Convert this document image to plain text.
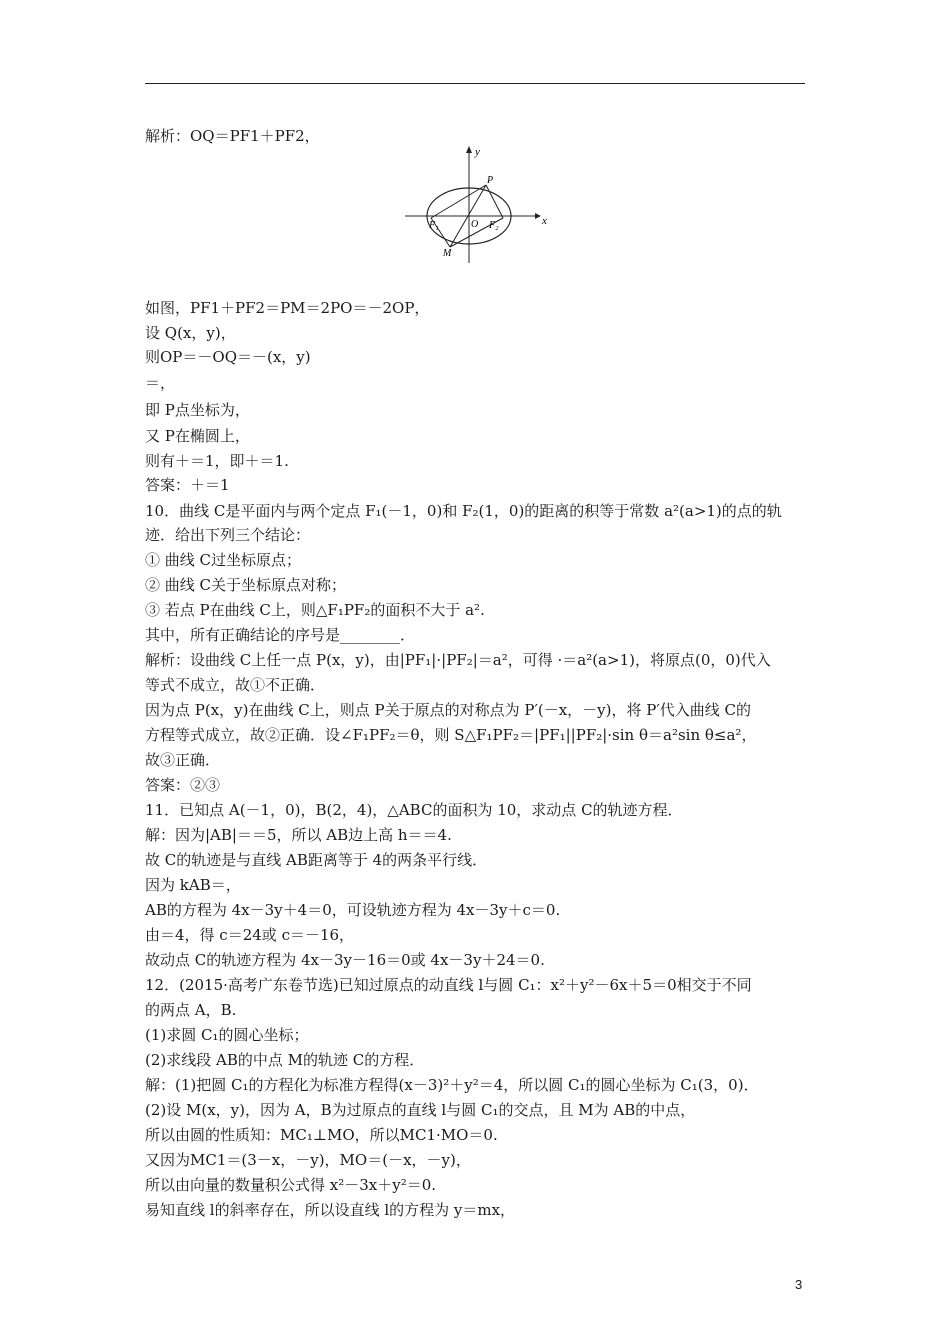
解析：OQ＝PF1＋PF2，
如图，PF1＋PF2＝PM＝2PO＝－2OP，
设 Q(x，y)，
则OP＝－OQ＝－(x，y)
＝，
即 P点坐标为，
又 P在椭圆上，
则有＋＝1，即＋＝1.
答案：＋＝1
10．曲线 C是平面内与两个定点 F₁(－1，0)和 F₂(1，0)的距离的积等于常数 a²(a>1)的点的轨
迹．给出下列三个结论：
① 曲线 C过坐标原点；
② 曲线 C关于坐标原点对称；
③ 若点 P在曲线 C上，则△F₁PF₂的面积不大于 a².
其中，所有正确结论的序号是________．
解析：设曲线 C上任一点 P(x，y)，由|PF₁|·|PF₂|＝a²，可得 ·＝a²(a>1)，将原点(0，0)代入
等式不成立，故①不正确．
因为点 P(x，y)在曲线 C上，则点 P关于原点的对称点为 P′(－x，－y)，将 P′代入曲线 C的
方程等式成立，故②正确．设∠F₁PF₂＝θ，则 S△F₁PF₂＝|PF₁||PF₂|·sin θ＝a²sin θ≤a²，
故③正确．
答案：②③
11．已知点 A(－1，0)，B(2，4)，△ABC的面积为 10，求动点 C的轨迹方程．
解：因为|AB|＝＝5，所以 AB边上高 h＝＝4.
故 C的轨迹是与直线 AB距离等于 4的两条平行线．
因为 kAB＝，
AB的方程为 4x－3y＋4＝0，可设轨迹方程为 4x－3y＋c＝0.
由＝4，得 c＝24或 c＝－16，
故动点 C的轨迹方程为 4x－3y－16＝0或 4x－3y＋24＝0.
12．(2015·高考广东卷节选)已知过原点的动直线 l与圆 C₁：x²＋y²－6x＋5＝0相交于不同
的两点 A，B.
(1)求圆 C₁的圆心坐标；
(2)求线段 AB的中点 M的轨迹 C的方程．
解：(1)把圆 C₁的方程化为标准方程得(x－3)²＋y²＝4，所以圆 C₁的圆心坐标为 C₁(3，0)．
(2)设 M(x，y)，因为 A，B为过原点的直线 l与圆 C₁的交点，且 M为 AB的中点，
所以由圆的性质知：MC₁⊥MO，所以MC1·MO＝0.
又因为MC1＝(3－x，－y)，MO＝(－x，－y)，
所以由向量的数量积公式得 x²－3x＋y²＝0.
易知直线 l的斜率存在，所以设直线 l的方程为 y＝mx，
y
x
P
F₁	O F₂
M
3
